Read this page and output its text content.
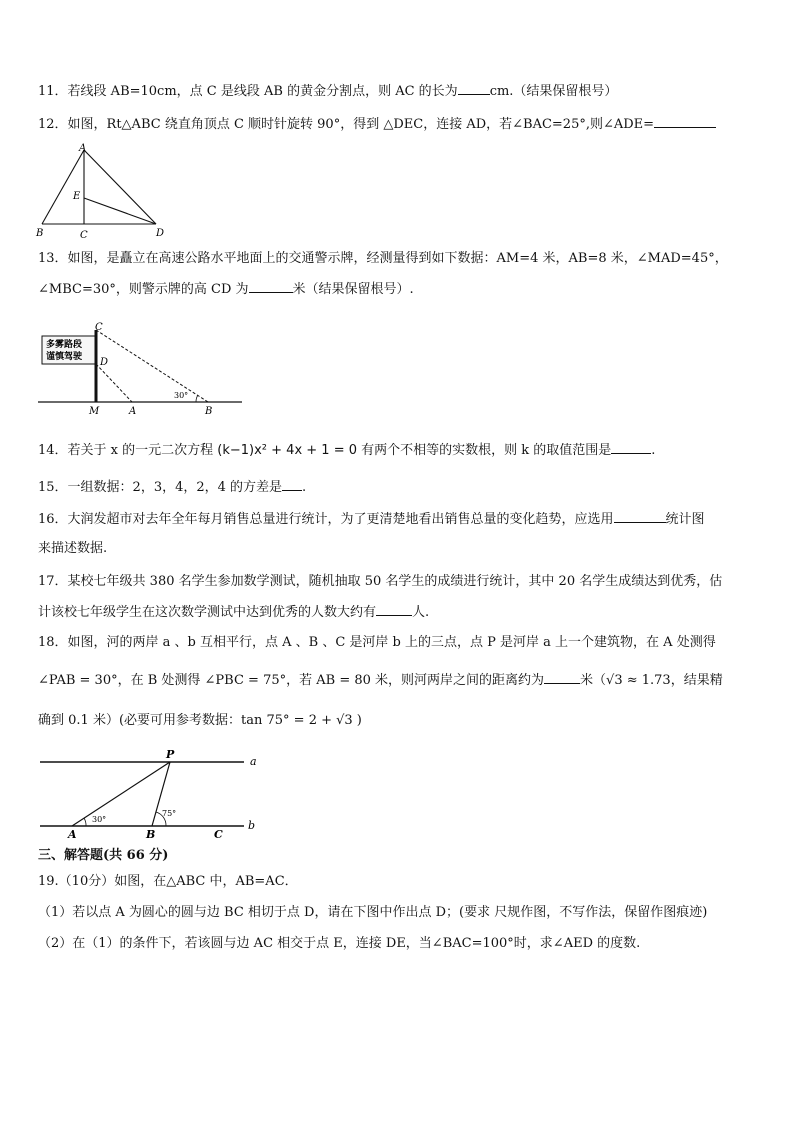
11．若线段 AB=10cm，点 C 是线段 AB 的黄金分割点，则 AC 的长为 cm.（结果保留根号）
12．如图，Rt△ABC 绕直角顶点 C 顺时针旋转 90°，得到 △DEC，连接 AD，若∠BAC=25°,则∠ADE=
A
E
B	C	D
13．如图，是矗立在高速公路水平地面上的交通警示牌，经测量得到如下数据：AM=4 米，AB=8 米，∠MAD=45°，
∠MBC=30°，则警示牌的高 CD 为	米（结果保留根号）.
多雾路段
谨慎驾驶
30°
C
D
M	A	B
14．若关于 x 的一元二次方程 (k−1)x² + 4x + 1 = 0 有两个不相等的实数根，则 k 的取值范围是	.
15．一组数据：2，3，4，2，4 的方差是 .
16．大润发超市对去年全年每月销售总量进行统计，为了更清楚地看出销售总量的变化趋势，应选用	统计图
来描述数据.
17．某校七年级共 380 名学生参加数学测试，随机抽取 50 名学生的成绩进行统计，其中 20 名学生成绩达到优秀，估
计该校七年级学生在这次数学测试中达到优秀的人数大约有	人.
18．如图，河的两岸 a 、b 互相平行，点 A 、B 、C 是河岸 b 上的三点，点 P 是河岸 a 上一个建筑物，在 A 处测得
∠PAB = 30°，在 B 处测得 ∠PBC = 75°，若 AB = 80 米，则河两岸之间的距离约为	米（√3 ≈ 1.73，结果精
确到 0.1 米）(必要可用参考数据：tan 75° = 2 + √3 )
30°
75°
P
a
b
A	B	C
三、解答题(共 66 分)
19.（10分）如图，在△ABC 中，AB=AC．
（1）若以点 A 为圆心的圆与边 BC 相切于点 D，请在下图中作出点 D；(要求 尺规作图，不写作法，保留作图痕迹)
（2）在（1）的条件下，若该圆与边 AC 相交于点 E，连接 DE，当∠BAC=100°时，求∠AED 的度数.
